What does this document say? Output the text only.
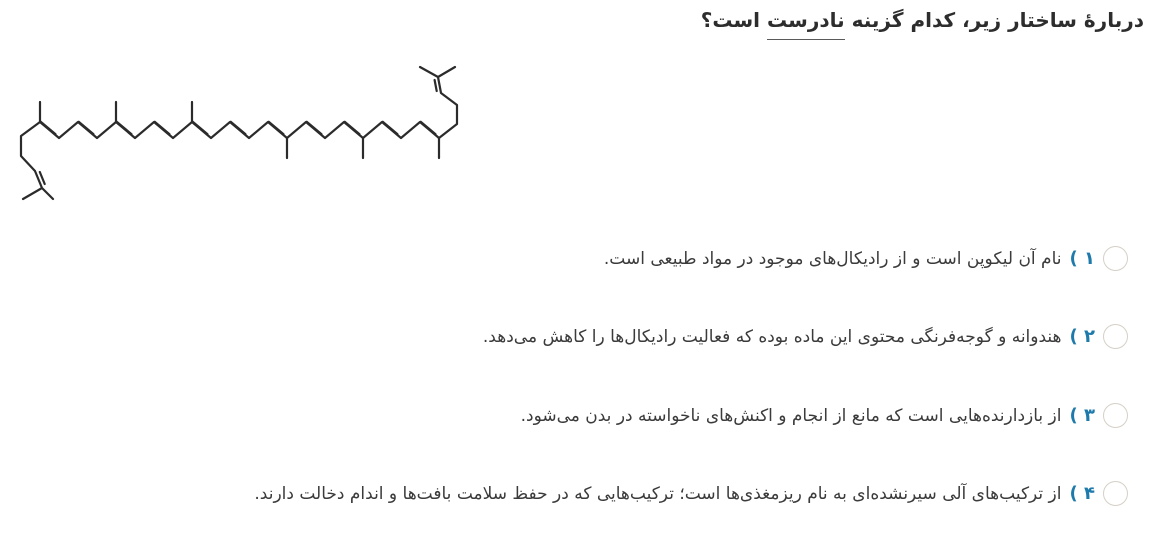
دربارهٔ ساختار زیر، کدام گزینه نادرست است؟
۱ )
نام آن لیکوپن است و از رادیکال‌های موجود در مواد طبیعی است.
۲ )
هندوانه و گوجه‌فرنگی محتوی این ماده بوده که فعالیت رادیکال‌ها را کاهش می‌دهد.
۳ )
از بازدارنده‌هایی است که مانع از انجام و اکنش‌های ناخواسته در بدن می‌شود.
۴ )
از ترکیب‌های آلی سیرنشده‌ای به نام ریزمغذی‌ها است؛ ترکیب‌هایی که در حفظ سلامت بافت‌ها و اندام دخالت دارند.
